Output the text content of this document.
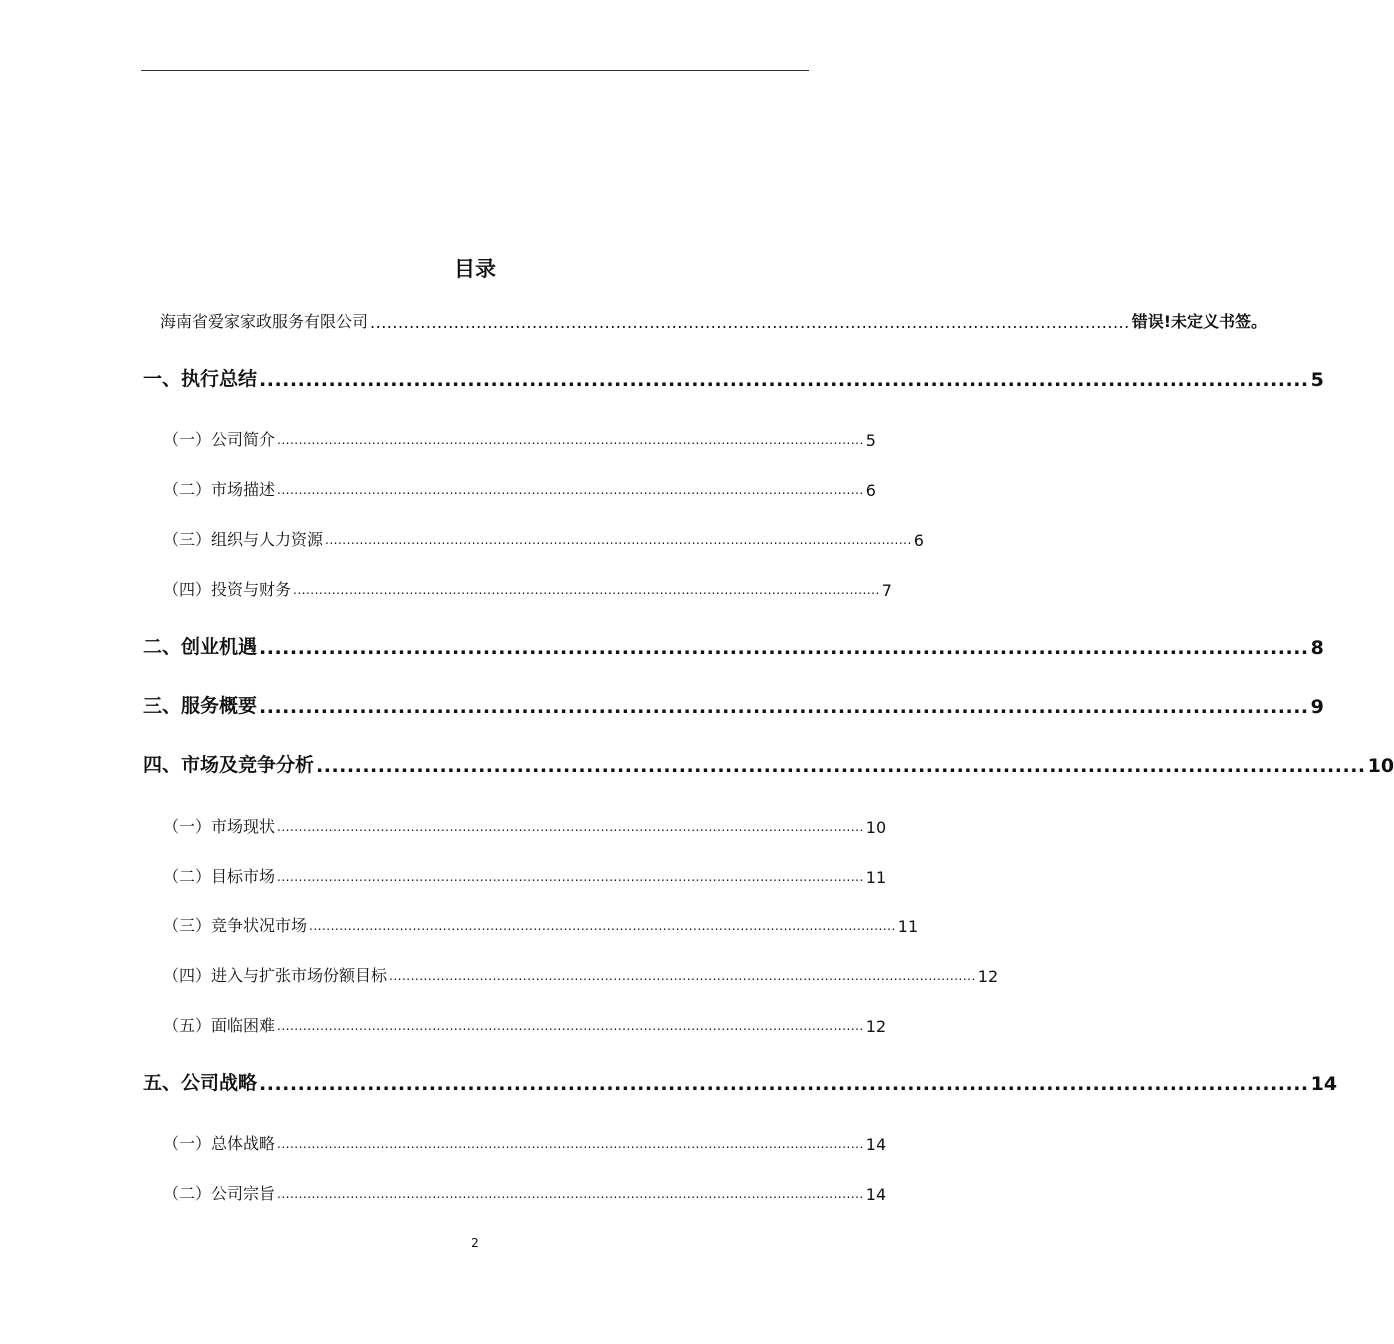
目录
海南省爱家家政服务有限公司 ........................................................................................................................................ 错误!未定义书签。
一、执行总结 ........................................................................................................................................ 5
（一）公司简介 ........................................................................................................................................ 5
（二）市场描述 ........................................................................................................................................ 6
（三）组织与人力资源 ........................................................................................................................................ 6
（四）投资与财务 ........................................................................................................................................ 7
二、创业机遇 ........................................................................................................................................ 8
三、服务概要 ........................................................................................................................................ 9
四、市场及竞争分析 ........................................................................................................................................ 10
（一）市场现状 ........................................................................................................................................ 10
（二）目标市场 ........................................................................................................................................ 11
（三）竞争状况市场 ........................................................................................................................................ 11
（四）进入与扩张市场份额目标 ........................................................................................................................................ 12
（五）面临困难 ........................................................................................................................................ 12
五、公司战略 ........................................................................................................................................ 14
（一）总体战略 ........................................................................................................................................ 14
（二）公司宗旨 ........................................................................................................................................ 14
2
